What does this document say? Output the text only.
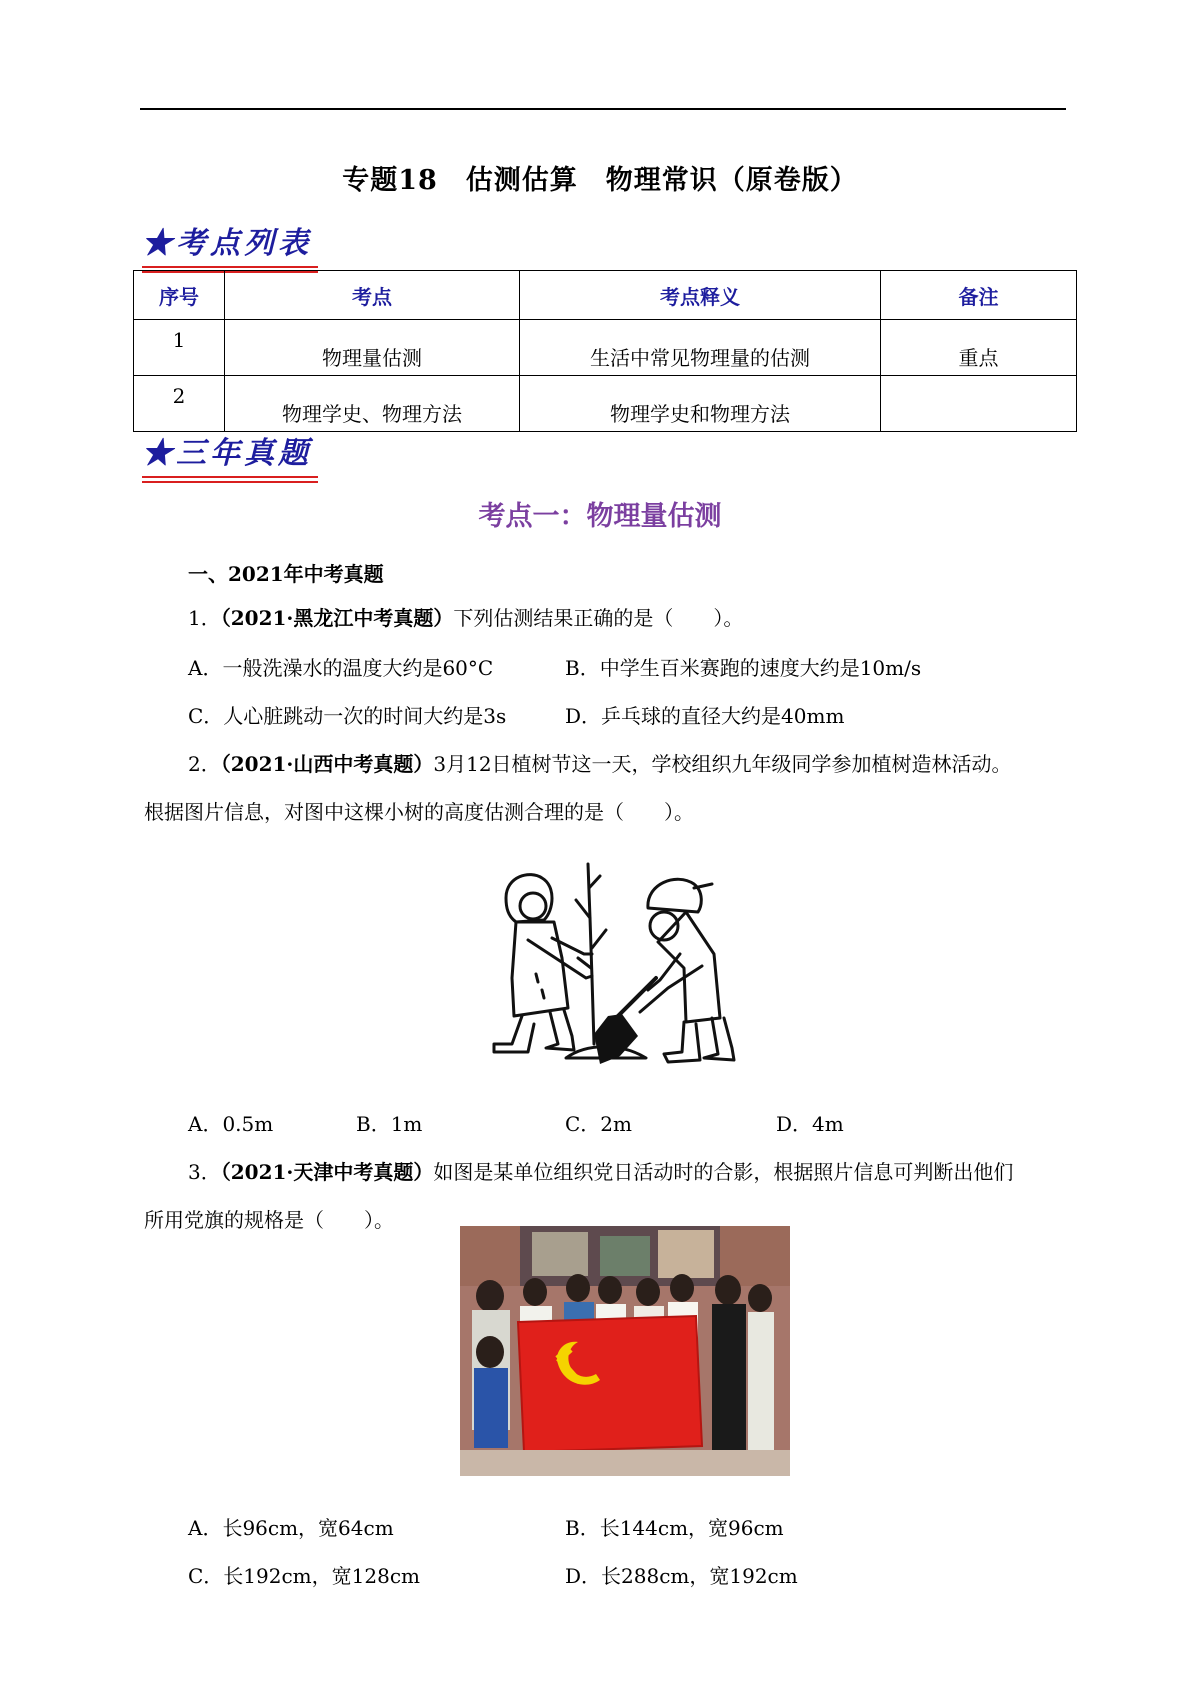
专题18　估测估算　物理常识（原卷版）
★考点列表
序号	考点	考点释义	备注
1	物理量估测	生活中常见物理量的估测	重点
2	物理学史、物理方法	物理学史和物理方法	
★三年真题
考点一：物理量估测
一、2021年中考真题
1．（2021·黑龙江中考真题）下列估测结果正确的是（　　）。
A．一般洗澡水的温度大约是60°C	B．中学生百米赛跑的速度大约是10m/s
C．人心脏跳动一次的时间大约是3s	D．乒乓球的直径大约是40mm
2．（2021·山西中考真题）3月12日植树节这一天，学校组织九年级同学参加植树造林活动。
根据图片信息，对图中这棵小树的高度估测合理的是（　　）。
A．0.5m	B．1m	C．2m	D．4m
3．（2021·天津中考真题）如图是某单位组织党日活动时的合影，根据照片信息可判断出他们
所用党旗的规格是（　　）。
A．长96cm，宽64cm	B．长144cm，宽96cm
C．长192cm，宽128cm	D．长288cm，宽192cm
